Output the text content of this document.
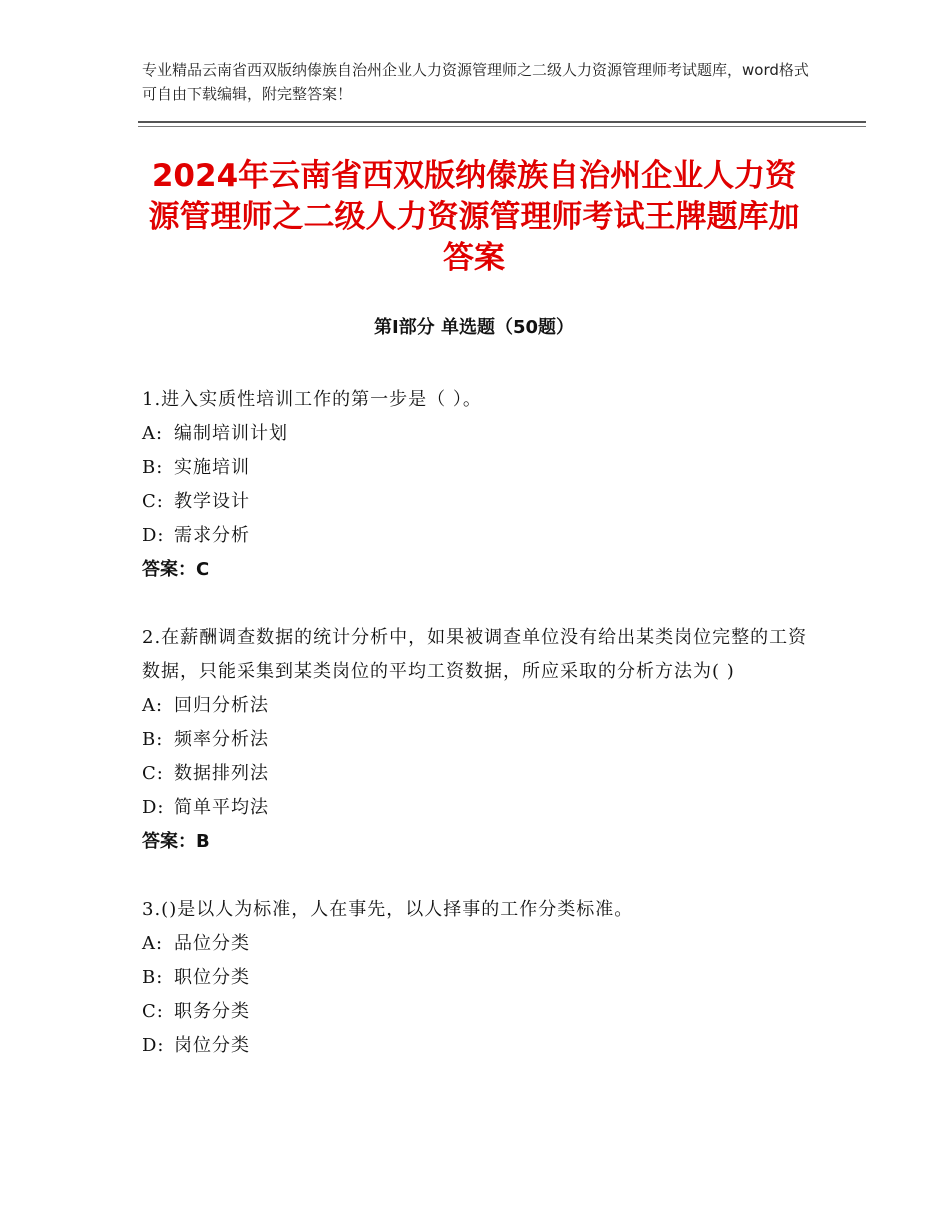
专业精品云南省西双版纳傣族自治州企业人力资源管理师之二级人力资源管理师考试题库，word格式可自由下载编辑，附完整答案！
2024年云南省西双版纳傣族自治州企业人力资源管理师之二级人力资源管理师考试王牌题库加答案
第Ⅰ部分 单选题（50题）
1.进入实质性培训工作的第一步是（ ）。
A: 编制培训计划
B: 实施培训
C: 教学设计
D: 需求分析
答案：C
2.在薪酬调查数据的统计分析中，如果被调查单位没有给出某类岗位完整的工资数据，只能采集到某类岗位的平均工资数据，所应采取的分析方法为( )
A: 回归分析法
B: 频率分析法
C: 数据排列法
D: 简单平均法
答案：B
3.()是以人为标准，人在事先，以人择事的工作分类标准。
A: 品位分类
B: 职位分类
C: 职务分类
D: 岗位分类
